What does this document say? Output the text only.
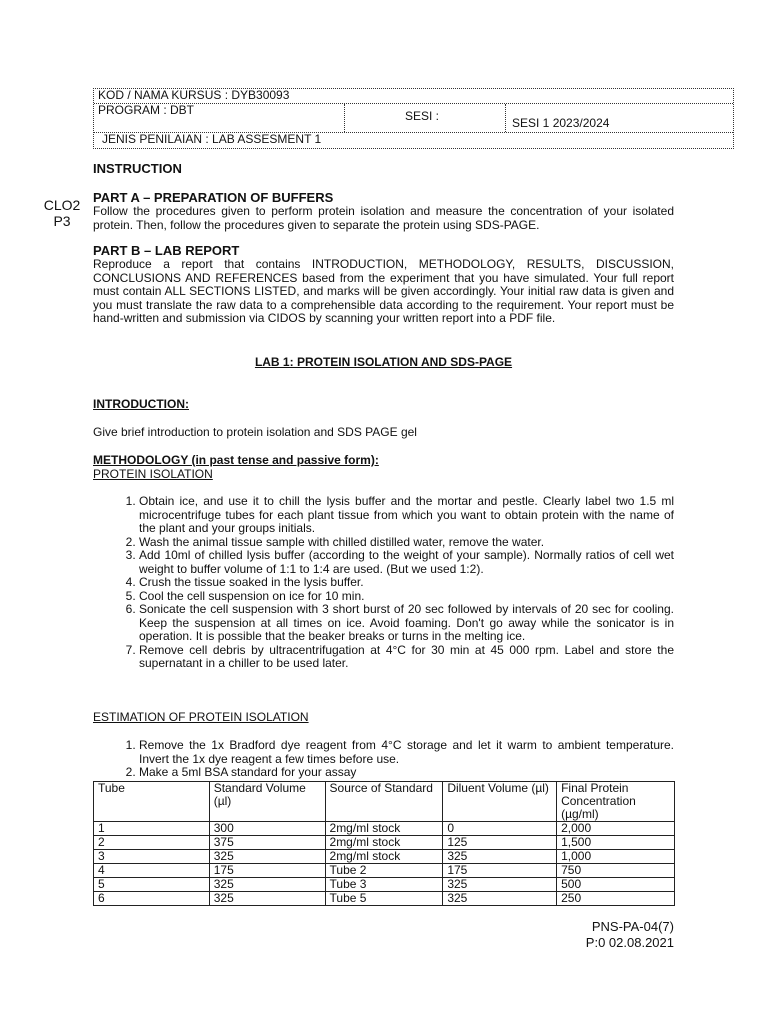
KOD / NAMA KURSUS : DYB30093
PROGRAM : DBT	SESI :	SESI 1 2023/2024
JENIS PENILAIAN : LAB ASSESMENT 1
INSTRUCTION
CLO2
P3
PART A – PREPARATION OF BUFFERS
Follow the procedures given to perform protein isolation and measure the concentration of your isolated protein. Then, follow the procedures given to separate the protein using SDS-PAGE.
PART B – LAB REPORT
Reproduce a report that contains INTRODUCTION, METHODOLOGY, RESULTS, DISCUSSION, CONCLUSIONS AND REFERENCES based from the experiment that you have simulated. Your full report must contain ALL SECTIONS LISTED, and marks will be given accordingly. Your initial raw data is given and you must translate the raw data to a comprehensible data according to the requirement. Your report must be hand-written and submission via CIDOS by scanning your written report into a PDF file.
LAB 1: PROTEIN ISOLATION AND SDS-PAGE
INTRODUCTION:
Give brief introduction to protein isolation and SDS PAGE gel
METHODOLOGY (in past tense and passive form):
PROTEIN ISOLATION
1. Obtain ice, and use it to chill the lysis buffer and the mortar and pestle. Clearly label two 1.5 ml microcentrifuge tubes for each plant tissue from which you want to obtain protein with the name of the plant and your groups initials.
2. Wash the animal tissue sample with chilled distilled water, remove the water.
3. Add 10ml of chilled lysis buffer (according to the weight of your sample). Normally ratios of cell wet weight to buffer volume of 1:1 to 1:4 are used. (But we used 1:2).
4. Crush the tissue soaked in the lysis buffer.
5. Cool the cell suspension on ice for 10 min.
6. Sonicate the cell suspension with 3 short burst of 20 sec followed by intervals of 20 sec for cooling. Keep the suspension at all times on ice. Avoid foaming. Don't go away while the sonicator is in operation. It is possible that the beaker breaks or turns in the melting ice.
7. Remove cell debris by ultracentrifugation at 4°C for 30 min at 45 000 rpm. Label and store the supernatant in a chiller to be used later.
ESTIMATION OF PROTEIN ISOLATION
1. Remove the 1x Bradford dye reagent from 4°C storage and let it warm to ambient temperature. Invert the 1x dye reagent a few times before use.
2. Make a 5ml BSA standard for your assay
Tube	Standard Volume (µl)	Source of Standard	Diluent Volume (µl)	Final Protein Concentration (µg/ml)
1	300	2mg/ml stock	0	2,000
2	375	2mg/ml stock	125	1,500
3	325	2mg/ml stock	325	1,000
4	175	Tube 2	175	750
5	325	Tube 3	325	500
6	325	Tube 5	325	250
PNS-PA-04(7)
P:0 02.08.2021
